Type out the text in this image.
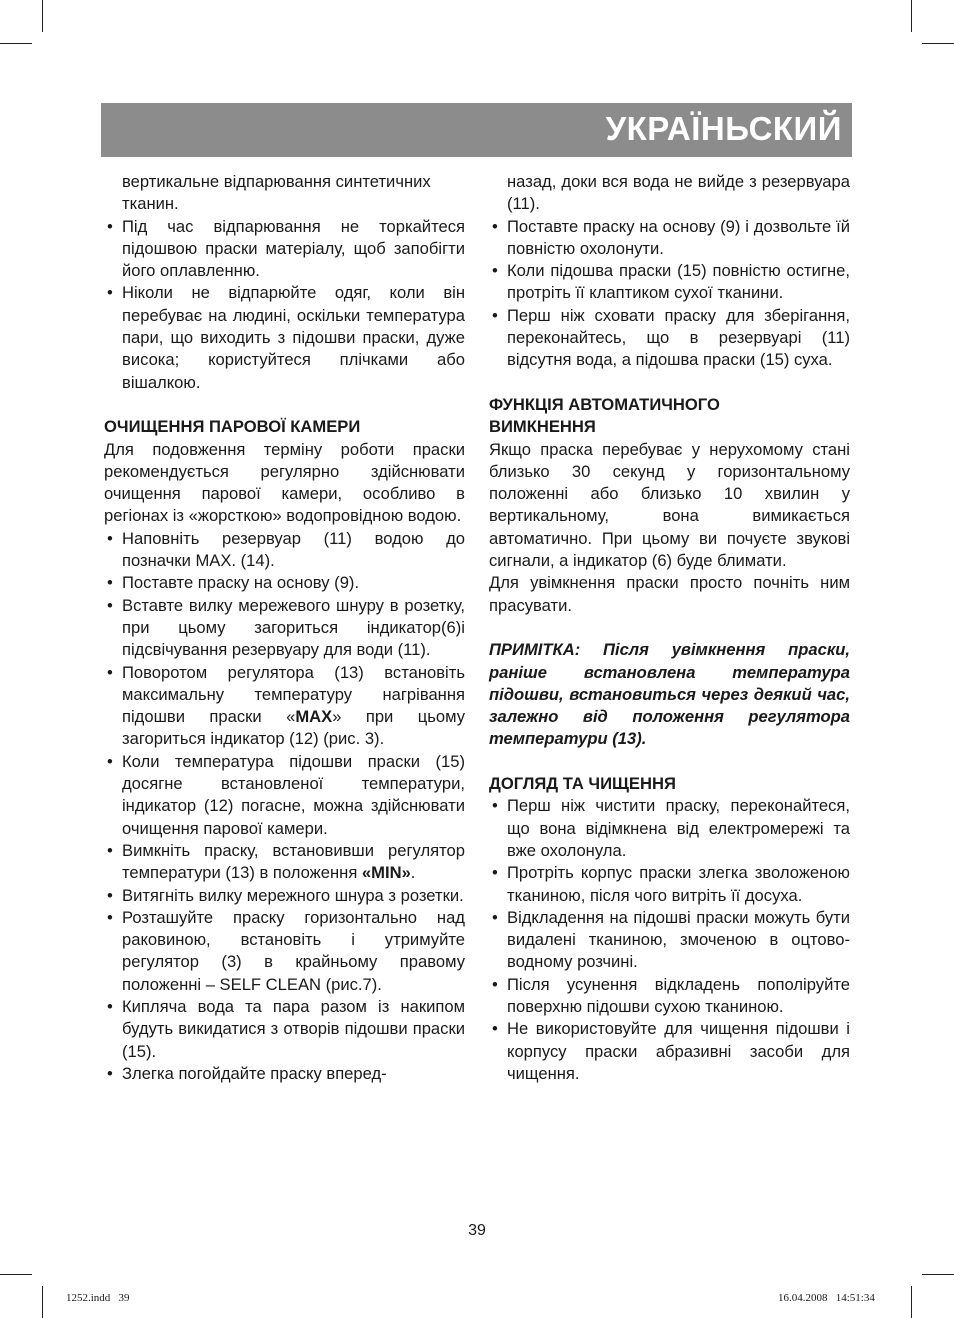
УКРАЇНЬСКИЙ

вертикальне відпарювання синтетичних тканин.

• Під час відпарювання не торкайтеся підошвою праски матеріалу, щоб запобігти його оплавленню.
• Ніколи не відпарюйте одяг, коли він перебуває на людині, оскільки температура пари, що виходить з підошви праски, дуже висока; користуйтеся плічками або вішалкою.

ОЧИЩЕННЯ ПАРОВОЇ КАМЕРИ

Для подовження терміну роботи праски рекомендується регулярно здійснювати очищення парової камери, особливо в регіонах із «жорсткою» водопровідною водою.

• Наповніть резервуар (11) водою до позначки МАХ. (14).
• Поставте праску на основу (9).
• Вставте вилку мережевого шнуру в розетку, при цьому загориться індикатор(6)і підсвічування резервуару для води (11).
• Поворотом регулятора (13) встановіть максимальну температуру нагрівання підошви праски «MAX» при цьому загориться індикатор (12) (рис. 3).
• Коли температура підошви праски (15) досягне встановленої температури, індикатор (12) погасне, можна здійснювати очищення парової камери.
• Вимкніть праску, встановивши регулятор температури (13) в положення «MIN».
• Витягніть вилку мережного шнура з розетки.
• Розташуйте праску горизонтально над раковиною, встановіть і утримуйте регулятор (3) в крайньому правому положенні – SELF CLEAN (рис.7).
• Кипляча вода та пара разом із накипом будуть викидатися з отворів підошви праски (15).
• Злегка погойдайте праску вперед-

назад, доки вся вода не вийде з резервуара (11).

• Поставте праску на основу (9) і дозвольте їй повністю охолонути.
• Коли підошва праски (15) повністю остигне, протріть її клаптиком сухої тканини.
• Перш ніж сховати праску для зберігання, переконайтесь, що в резервуарі (11) відсутня вода, а підошва праски (15) суха.

ФУНКЦІЯ АВТОМАТИЧНОГО
ВИМКНЕННЯ

Якщо праска перебуває у нерухомому стані близько 30 секунд у горизонтальному положенні або близько 10 хвилин у вертикальному, вона вимикається автоматично. При цьому ви почуєте звукові сигнали, а індикатор (6) буде блимати.

Для увімкнення праски просто почніть ним прасувати.

ПРИМІТКА: Після увімкнення праски, раніше встановлена температура підошви, встановиться через деякий час, залежно від положення регулятора температури (13).

ДОГЛЯД ТА ЧИЩЕННЯ

• Перш ніж чистити праску, переконайтеся, що вона відімкнена від електромережі та вже охолонула.
• Протріть корпус праски злегка зволоженою тканиною, після чого витріть її досуха.
• Відкладення на підошві праски можуть бути видалені тканиною, змоченою в оцтово-водному розчині.
• Після усунення відкладень пополіруйте поверхню підошви сухою тканиною.
• Не використовуйте для чищення підошви і корпусу праски абразивні засоби для чищення.
39
1252.indd   39	16.04.2008   14:51:34
